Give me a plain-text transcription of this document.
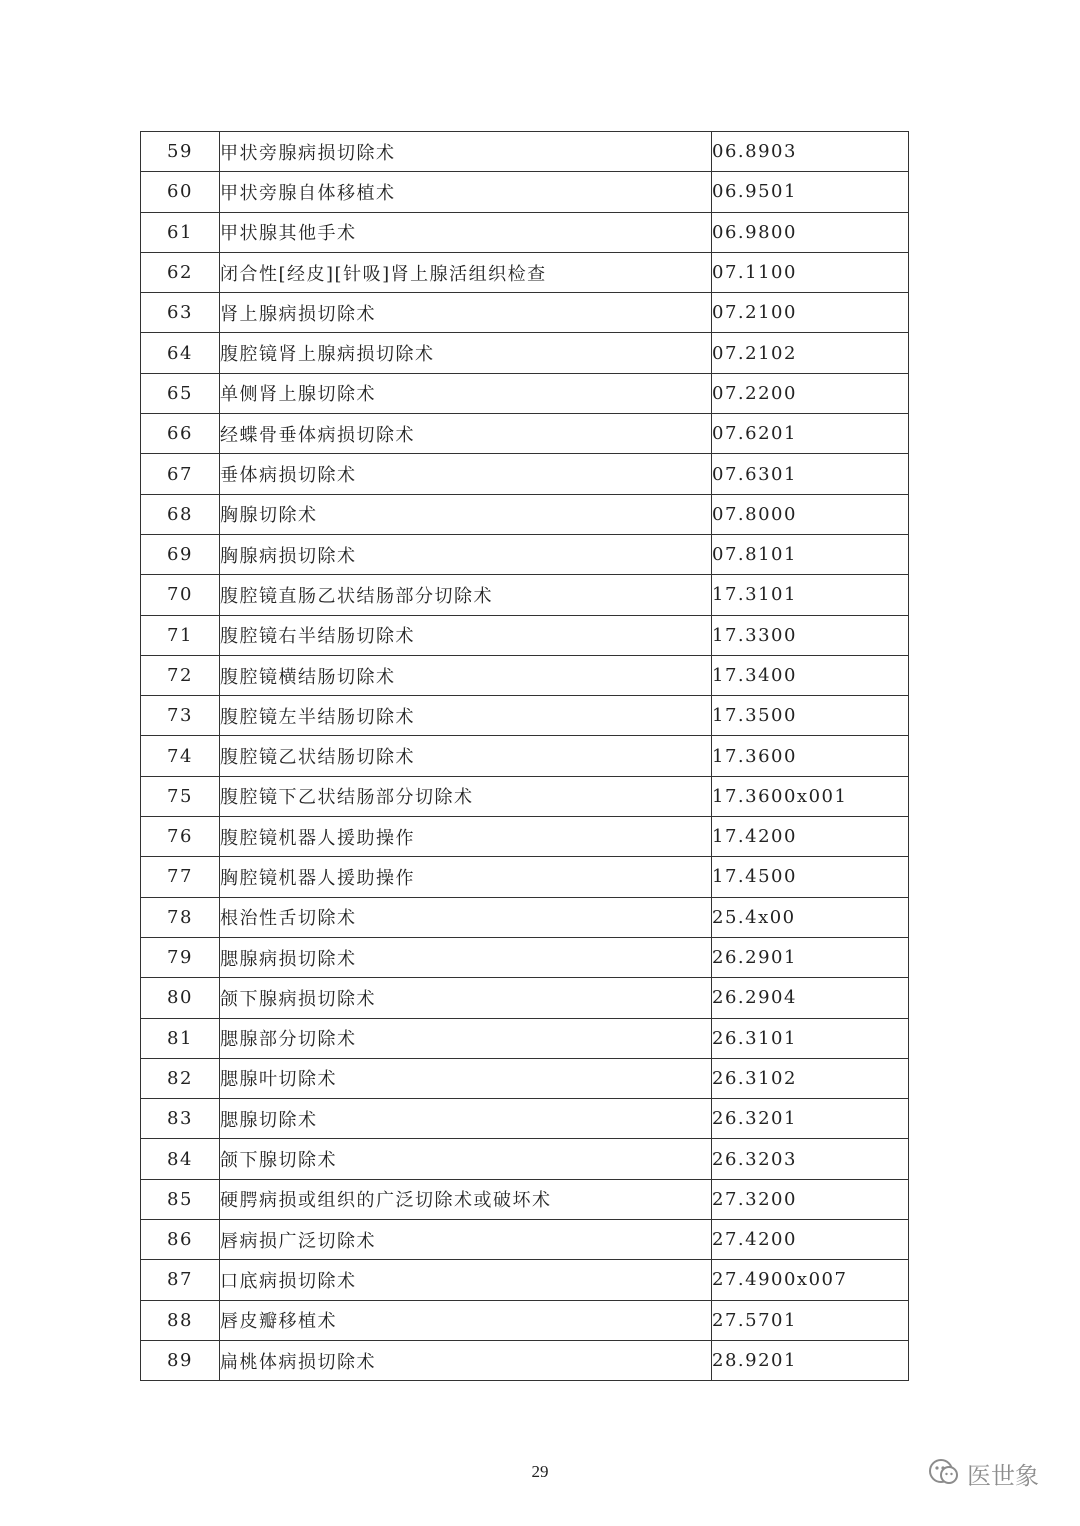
59	甲状旁腺病损切除术	06.8903
60	甲状旁腺自体移植术	06.9501
61	甲状腺其他手术	06.9800
62	闭合性[经皮][针吸]肾上腺活组织检查	07.1100
63	肾上腺病损切除术	07.2100
64	腹腔镜肾上腺病损切除术	07.2102
65	单侧肾上腺切除术	07.2200
66	经蝶骨垂体病损切除术	07.6201
67	垂体病损切除术	07.6301
68	胸腺切除术	07.8000
69	胸腺病损切除术	07.8101
70	腹腔镜直肠乙状结肠部分切除术	17.3101
71	腹腔镜右半结肠切除术	17.3300
72	腹腔镜横结肠切除术	17.3400
73	腹腔镜左半结肠切除术	17.3500
74	腹腔镜乙状结肠切除术	17.3600
75	腹腔镜下乙状结肠部分切除术	17.3600x001
76	腹腔镜机器人援助操作	17.4200
77	胸腔镜机器人援助操作	17.4500
78	根治性舌切除术	25.4x00
79	腮腺病损切除术	26.2901
80	颌下腺病损切除术	26.2904
81	腮腺部分切除术	26.3101
82	腮腺叶切除术	26.3102
83	腮腺切除术	26.3201
84	颌下腺切除术	26.3203
85	硬腭病损或组织的广泛切除术或破坏术	27.3200
86	唇病损广泛切除术	27.4200
87	口底病损切除术	27.4900x007
88	唇皮瓣移植术	27.5701
89	扁桃体病损切除术	28.9201
29	医世象
